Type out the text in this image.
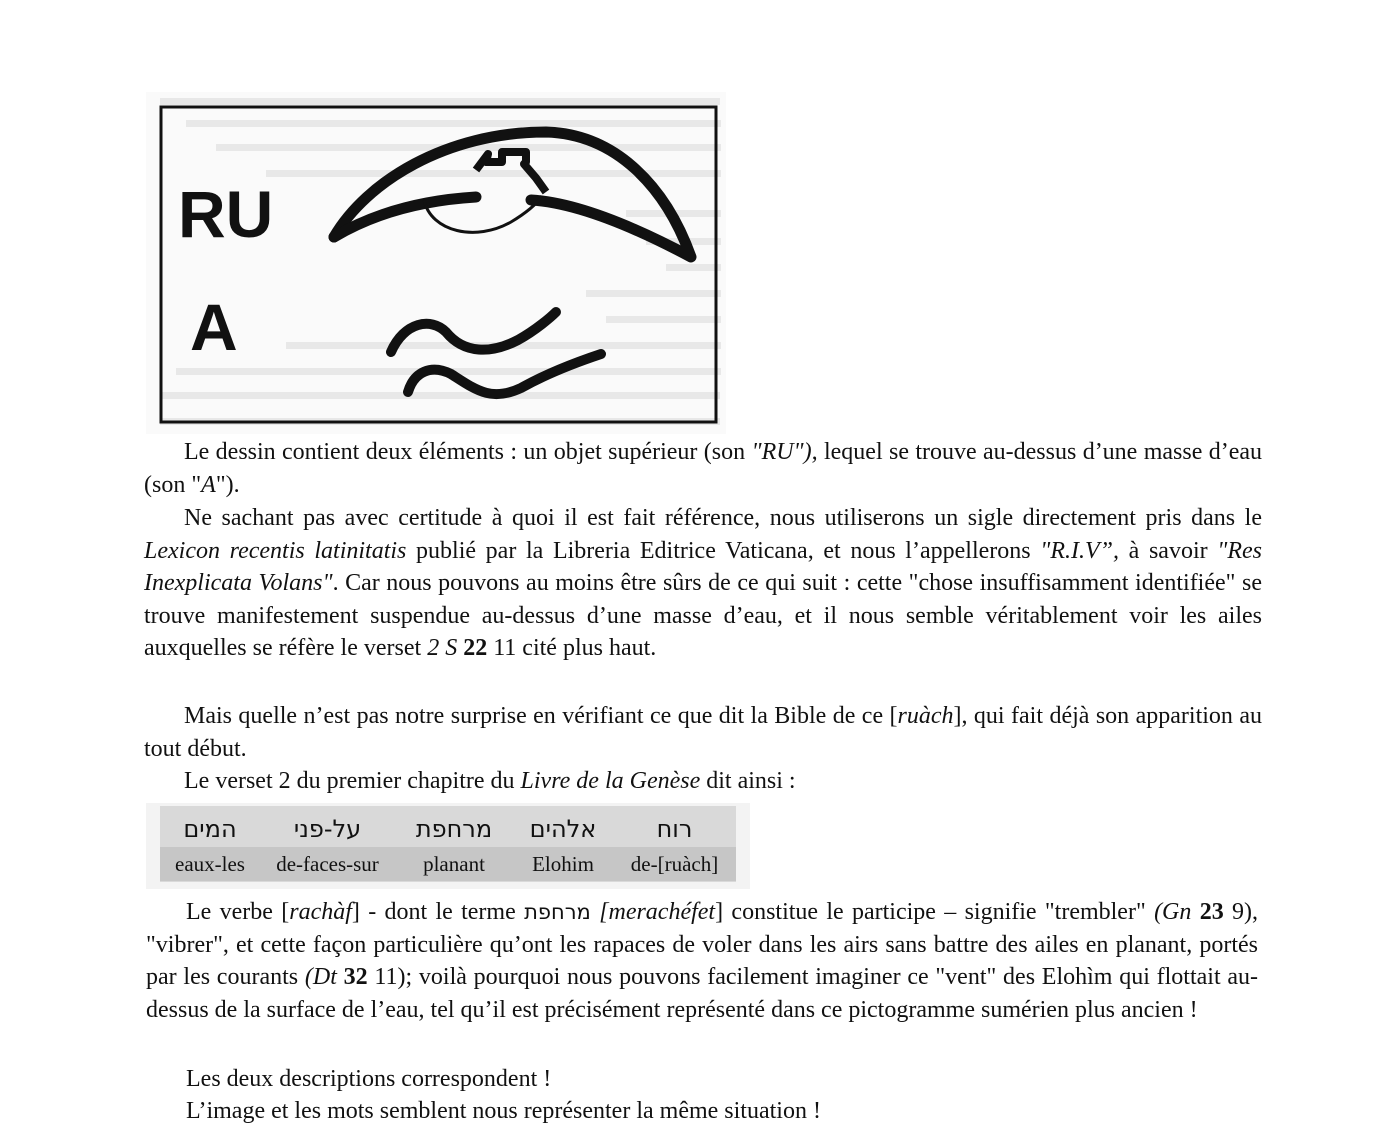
RU
A

Le dessin contient deux éléments : un objet supérieur (son "RU"), lequel se trouve au-dessus d’une masse d’eau (son "A").

Ne sachant pas avec certitude à quoi il est fait référence, nous utiliserons un sigle directement pris dans le Lexicon recentis latinitatis publié par la Libreria Editrice Vaticana, et nous l’appellerons "R.I.V”, à savoir "Res Inexplicata Volans". Car nous pouvons au moins être sûrs de ce qui suit : cette "chose insuffisamment identifiée" se trouve manifestement suspendue au-dessus d’une masse d’eau, et il nous semble véritablement voir les ailes auxquelles se réfère le verset 2 S 22 11 cité plus haut.

Mais quelle n’est pas notre surprise en vérifiant ce que dit la Bible de ce [ruàch], qui fait déjà son apparition au tout début.

Le verset 2 du premier chapitre du Livre de la Genèse dit ainsi :

המים	על-פני	מרחפת	אלהים	רוח
eaux-les	de-faces-sur	planant	Elohim	de-[ruàch]

Le verbe [rachàf] - dont le terme מרחפת [merachéfet] constitue le participe – signifie "trembler" (Gn 23 9), "vibrer", et cette façon particulière qu’ont les rapaces de voler dans les airs sans battre des ailes en planant, portés par les courants (Dt 32 11); voilà pourquoi nous pouvons facilement imaginer ce "vent" des Elohìm qui flottait au-dessus de la surface de l’eau, tel qu’il est précisément représenté dans ce pictogramme sumérien plus ancien !

Les deux descriptions correspondent !

L’image et les mots semblent nous représenter la même situation !
